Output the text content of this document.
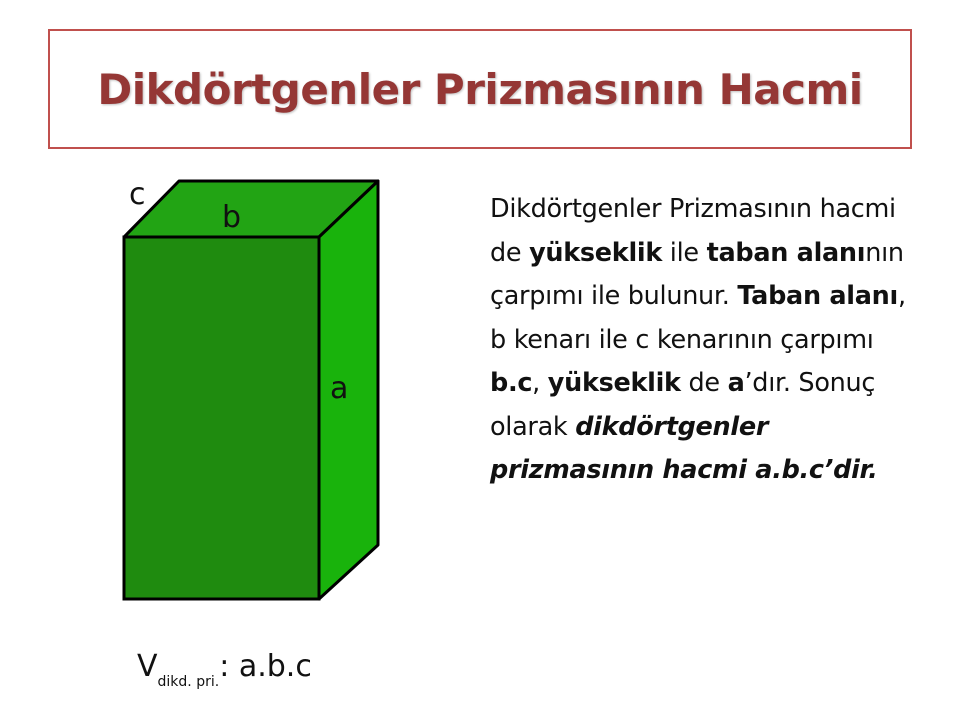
Dikdörtgenler Prizmasının Hacmi
c
b
a
Dikdörtgenler Prizmasının hacmi de yükseklik ile taban alanının çarpımı ile bulunur. Taban alanı, b kenarı ile c kenarının çarpımı b.c, yükseklik de a’dır. Sonuç olarak dikdörtgenler prizmasının hacmi a.b.c’dir.
$V_{dikd. pri.}$: a.b.c
